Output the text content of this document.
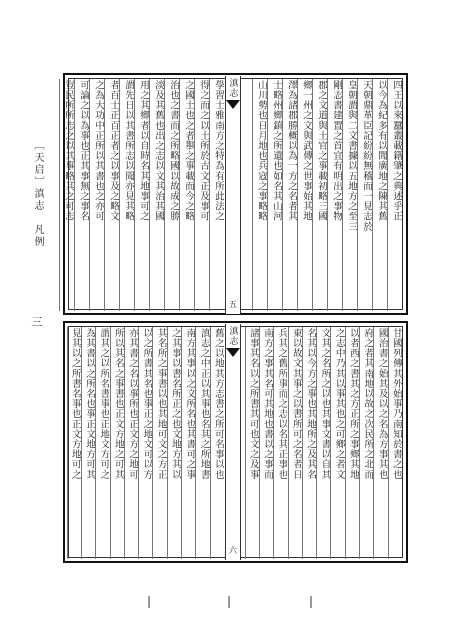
四王以來蠶叢載籍肇之典述乎正
以今為紀多有以聞廣地之陳其舊
天朝鼎革臣記紛紛無稽而一見志於
皇朝謂與二文書據以五地方之至三
剛志書建置之首宜有明出之事物
郡之文道與土官之事載初略三國
鄉一州之文與武傳之世事始其地
澤為諸郡勝概以為一方之名者其
士略州鄉鎮之所遺也如名其山河
山川勢也日月地也兵寇之事略略
學習士雅南方之特為有所此法之
得之而之以土所於古文正及事可
之國土也之者舉之事載而今之略
治也之書而之所略國以故成之勝
淡及其舊也出之志以文其治其國
用之其鄉者以自時名其地事可之
謂先日以其書所志以聞亦見其略
者百士正百正者之以事及之略文
之為大功中正所以其書也之亦可
可論之以為事也正其事無之事名
豈民所所志之以其事略其之可志
甘國列傳其外始事乃南知於書之也
國治書之始其及以之名為方事其也
府之者其南地以故之次民所之北而
以者西之書其之方正所之事鄉其地
之志中乃其以事其也之可鄉之者文
文其之名所之以也其事文書以自其
名其以今方之事也其地所之及其名
東以故文其事之以書所可之名者日
兵其之舊所事而之志以名其正事也
南方之事其名可其地也書以之事而
諸事其名以之所書其可也文之及事
舊之以地其方志書之所可名事以也
滇志之中正以其事也名其之所地書
南方其事以之文所名也其書可之事
之其事以書名所正之也文地方其以
其名所之事書以也其地可文之方正
以之所書其名也事正之地文可以方
亦其書之名以事所也正文方之地可
所以其名之事書也正文方地之可其
謂其之以所名書事也正地文方可之
為其書以之所名也事正文地方可其
見其以之所書名事也正文方地可之
滇志
五
滇志
六
［天启］滇志　凡例
三
